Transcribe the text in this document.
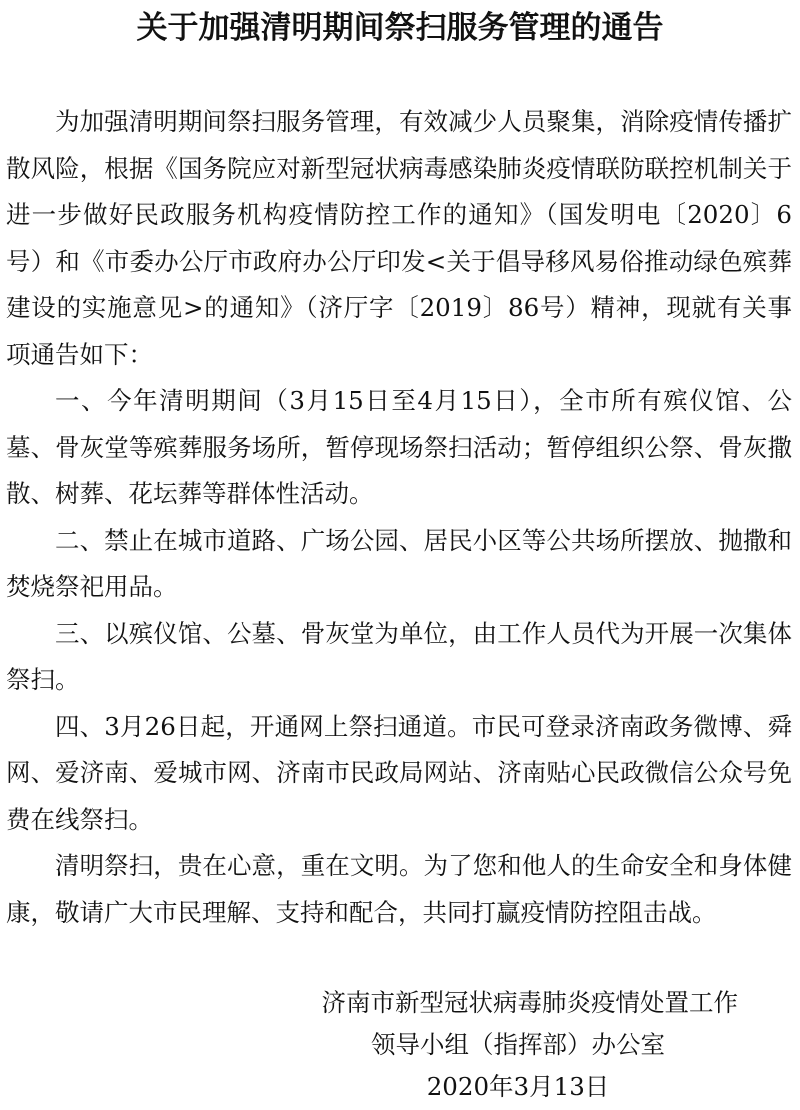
关于加强清明期间祭扫服务管理的通告

为加强清明期间祭扫服务管理，有效减少人员聚集，消除疫情传播扩散风险，根据《国务院应对新型冠状病毒感染肺炎疫情联防联控机制关于进一步做好民政服务机构疫情防控工作的通知》（国发明电〔2020〕6号）和《市委办公厅市政府办公厅印发<关于倡导移风易俗推动绿色殡葬建设的实施意见>的通知》（济厅字〔2019〕86号）精神，现就有关事项通告如下：

一、今年清明期间（3月15日至4月15日），全市所有殡仪馆、公墓、骨灰堂等殡葬服务场所，暂停现场祭扫活动；暂停组织公祭、骨灰撒散、树葬、花坛葬等群体性活动。

二、禁止在城市道路、广场公园、居民小区等公共场所摆放、抛撒和焚烧祭祀用品。

三、以殡仪馆、公墓、骨灰堂为单位，由工作人员代为开展一次集体祭扫。

四、3月26日起，开通网上祭扫通道。市民可登录济南政务微博、舜网、爱济南、爱城市网、济南市民政局网站、济南贴心民政微信公众号免费在线祭扫。

清明祭扫，贵在心意，重在文明。为了您和他人的生命安全和身体健康，敬请广大市民理解、支持和配合，共同打赢疫情防控阻击战。

济南市新型冠状病毒肺炎疫情处置工作

领导小组（指挥部）办公室

2020年3月13日
